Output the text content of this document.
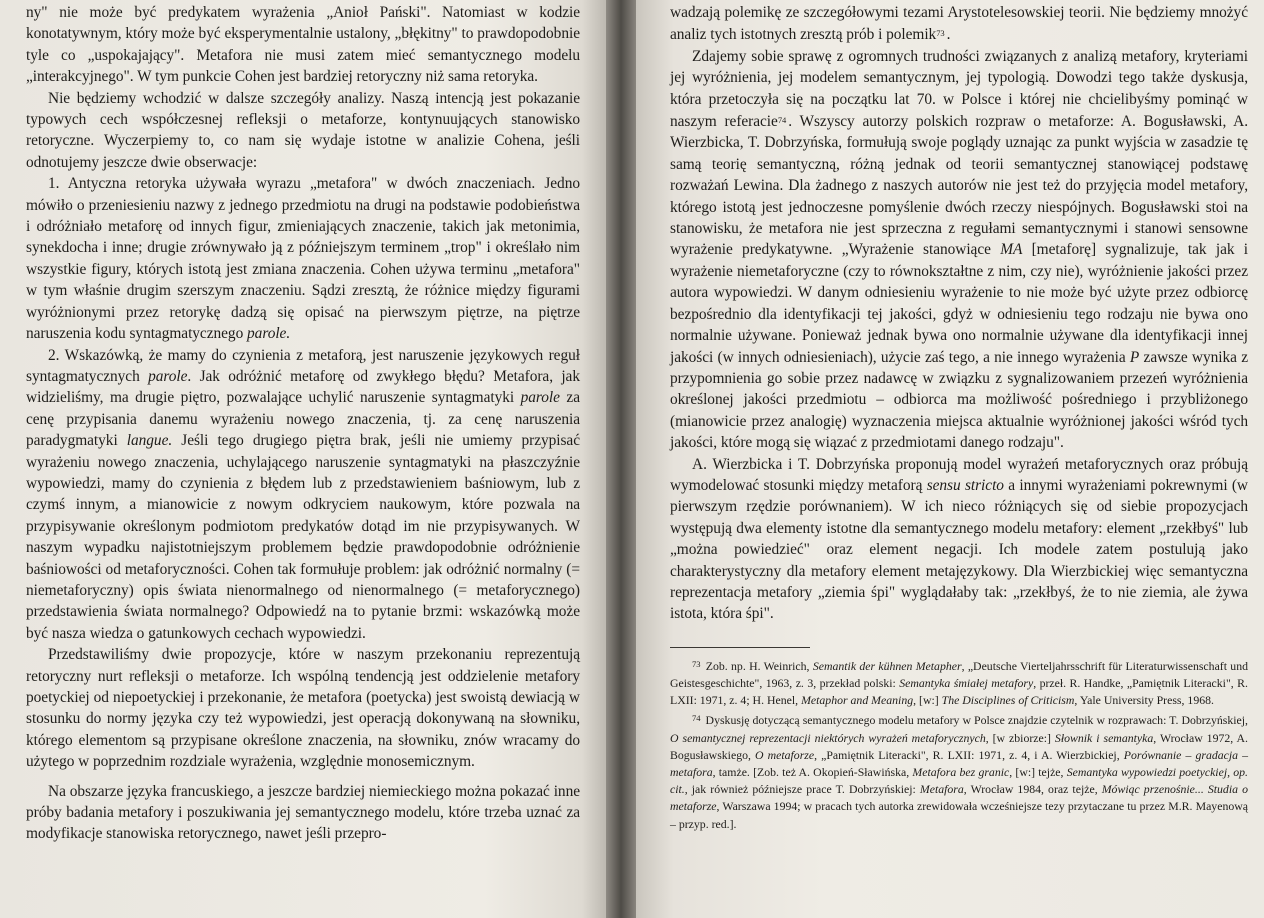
ny" nie może być predykatem wyrażenia „Anioł Pański". Natomiast w kodzie konotatywnym, który może być eksperymentalnie ustalony, „błękitny" to prawdopodobnie tyle co „uspokajający". Metafora nie musi zatem mieć semantycznego modelu „interakcyjnego". W tym punkcie Cohen jest bardziej retoryczny niż sama retoryka.

Nie będziemy wchodzić w dalsze szczegóły analizy. Naszą intencją jest pokazanie typowych cech współczesnej refleksji o metaforze, kontynuujących stanowisko retoryczne. Wyczerpiemy to, co nam się wydaje istotne w analizie Cohena, jeśli odnotujemy jeszcze dwie obserwacje:

1. Antyczna retoryka używała wyrazu „metafora" w dwóch znaczeniach. Jedno mówiło o przeniesieniu nazwy z jednego przedmiotu na drugi na podstawie podobieństwa i odróżniało metaforę od innych figur, zmieniających znaczenie, takich jak metonimia, synekdocha i inne; drugie zrównywało ją z późniejszym terminem „trop" i określało nim wszystkie figury, których istotą jest zmiana znaczenia. Cohen używa terminu „metafora" w tym właśnie drugim szerszym znaczeniu. Sądzi zresztą, że różnice między figurami wyróżnionymi przez retorykę dadzą się opisać na pierwszym piętrze, na piętrze naruszenia kodu syntagmatycznego parole.

2. Wskazówką, że mamy do czynienia z metaforą, jest naruszenie językowych reguł syntagmatycznych parole. Jak odróżnić metaforę od zwykłego błędu? Metafora, jak widzieliśmy, ma drugie piętro, pozwalające uchylić naruszenie syntagmatyki parole za cenę przypisania danemu wyrażeniu nowego znaczenia, tj. za cenę naruszenia paradygmatyki langue. Jeśli tego drugiego piętra brak, jeśli nie umiemy przypisać wyrażeniu nowego znaczenia, uchylającego naruszenie syntagmatyki na płaszczyźnie wypowiedzi, mamy do czynienia z błędem lub z przedstawieniem baśniowym, lub z czymś innym, a mianowicie z nowym odkryciem naukowym, które pozwala na przypisywanie określonym podmiotom predykatów dotąd im nie przypisywanych. W naszym wypadku najistotniejszym problemem będzie prawdopodobnie odróżnienie baśniowości od metaforyczności. Cohen tak formułuje problem: jak odróżnić normalny (= niemetaforyczny) opis świata nienormalnego od nienormalnego (= metaforycznego) przedstawienia świata normalnego? Odpowiedź na to pytanie brzmi: wskazówką może być nasza wiedza o gatunkowych cechach wypowiedzi.

Przedstawiliśmy dwie propozycje, które w naszym przekonaniu reprezentują retoryczny nurt refleksji o metaforze. Ich wspólną tendencją jest oddzielenie metafory poetyckiej od niepoetyckiej i przekonanie, że metafora (poetycka) jest swoistą dewiacją w stosunku do normy języka czy też wypowiedzi, jest operacją dokonywaną na słowniku, którego elementom są przypisane określone znaczenia, na słowniku, znów wracamy do użytego w poprzednim rozdziale wyrażenia, względnie monosemicznym.

Na obszarze języka francuskiego, a jeszcze bardziej niemieckiego można pokazać inne próby badania metafory i poszukiwania jej semantycznego modelu, które trzeba uznać za modyfikacje stanowiska retorycznego, nawet jeśli przepro-

wadzają polemikę ze szczegółowymi tezami Arystotelesowskiej teorii. Nie będziemy mnożyć analiz tych istotnych zresztą prób i polemik$^{73}$ .

Zdajemy sobie sprawę z ogromnych trudności związanych z analizą metafory, kryteriami jej wyróżnienia, jej modelem semantycznym, jej typologią. Dowodzi tego także dyskusja, która przetoczyła się na początku lat 70. w Polsce i której nie chcielibyśmy pominąć w naszym referacie$^{74}$ . Wszyscy autorzy polskich rozpraw o metaforze: A. Bogusławski, A. Wierzbicka, T. Dobrzyńska, formułują swoje poglądy uznając za punkt wyjścia w zasadzie tę samą teorię semantyczną, różną jednak od teorii semantycznej stanowiącej podstawę rozważań Lewina. Dla żadnego z naszych autorów nie jest też do przyjęcia model metafory, którego istotą jest jednoczesne pomyślenie dwóch rzeczy niespójnych. Bogusławski stoi na stanowisku, że metafora nie jest sprzeczna z regułami semantycznymi i stanowi sensowne wyrażenie predykatywne. „Wyrażenie stanowiące MA [metaforę] sygnalizuje, tak jak i wyrażenie niemetaforyczne (czy to równokształtne z nim, czy nie), wyróżnienie jakości przez autora wypowiedzi. W danym odniesieniu wyrażenie to nie może być użyte przez odbiorcę bezpośrednio dla identyfikacji tej jakości, gdyż w odniesieniu tego rodzaju nie bywa ono normalnie używane. Ponieważ jednak bywa ono normalnie używane dla identyfikacji innej jakości (w innych odniesieniach), użycie zaś tego, a nie innego wyrażenia P zawsze wynika z przypomnienia go sobie przez nadawcę w związku z sygnalizowaniem przezeń wyróżnienia określonej jakości przedmiotu – odbiorca ma możliwość pośredniego i przybliżonego (mianowicie przez analogię) wyznaczenia miejsca aktualnie wyróżnionej jakości wśród tych jakości, które mogą się wiązać z przedmiotami danego rodzaju".

A. Wierzbicka i T. Dobrzyńska proponują model wyrażeń metaforycznych oraz próbują wymodelować stosunki między metaforą sensu stricto a innymi wyrażeniami pokrewnymi (w pierwszym rzędzie porównaniem). W ich nieco różniących się od siebie propozycjach występują dwa elementy istotne dla semantycznego modelu metafory: element „rzekłbyś" lub „można powiedzieć" oraz element negacji. Ich modele zatem postulują jako charakterystyczny dla metafory element metajęzykowy. Dla Wierzbickiej więc semantyczna reprezentacja metafory „ziemia śpi" wyglądałaby tak: „rzekłbyś, że to nie ziemia, ale żywa istota, która śpi".

$^{73}$ Zob. np. H. Weinrich, Semantik der kühnen Metapher, „Deutsche Vierteljahrsschrift für Literaturwissenschaft und Geistesgeschichte", 1963, z. 3, przekład polski: Semantyka śmiałej metafory, przeł. R. Handke, „Pamiętnik Literacki", R. LXII: 1971, z. 4; H. Henel, Metaphor and Meaning, [w:] The Disciplines of Criticism, Yale University Press, 1968.

$^{74}$ Dyskusję dotyczącą semantycznego modelu metafory w Polsce znajdzie czytelnik w rozprawach: T. Dobrzyńskiej, O semantycznej reprezentacji niektórych wyrażeń metaforycznych, [w zbiorze:] Słownik i semantyka, Wrocław 1972, A. Bogusławskiego, O metaforze, „Pamiętnik Literacki", R. LXII: 1971, z. 4, i A. Wierzbickiej, Porównanie – gradacja – metafora, tamże. [Zob. też A. Okopień-Sławińska, Metafora bez granic, [w:] tejże, Semantyka wypowiedzi poetyckiej, op. cit., jak również późniejsze prace T. Dobrzyńskiej: Metafora, Wrocław 1984, oraz tejże, Mówiąc przenośnie... Studia o metaforze, Warszawa 1994; w pracach tych autorka zrewidowała wcześniejsze tezy przytaczane tu przez M.R. Mayenową – przyp. red.].
